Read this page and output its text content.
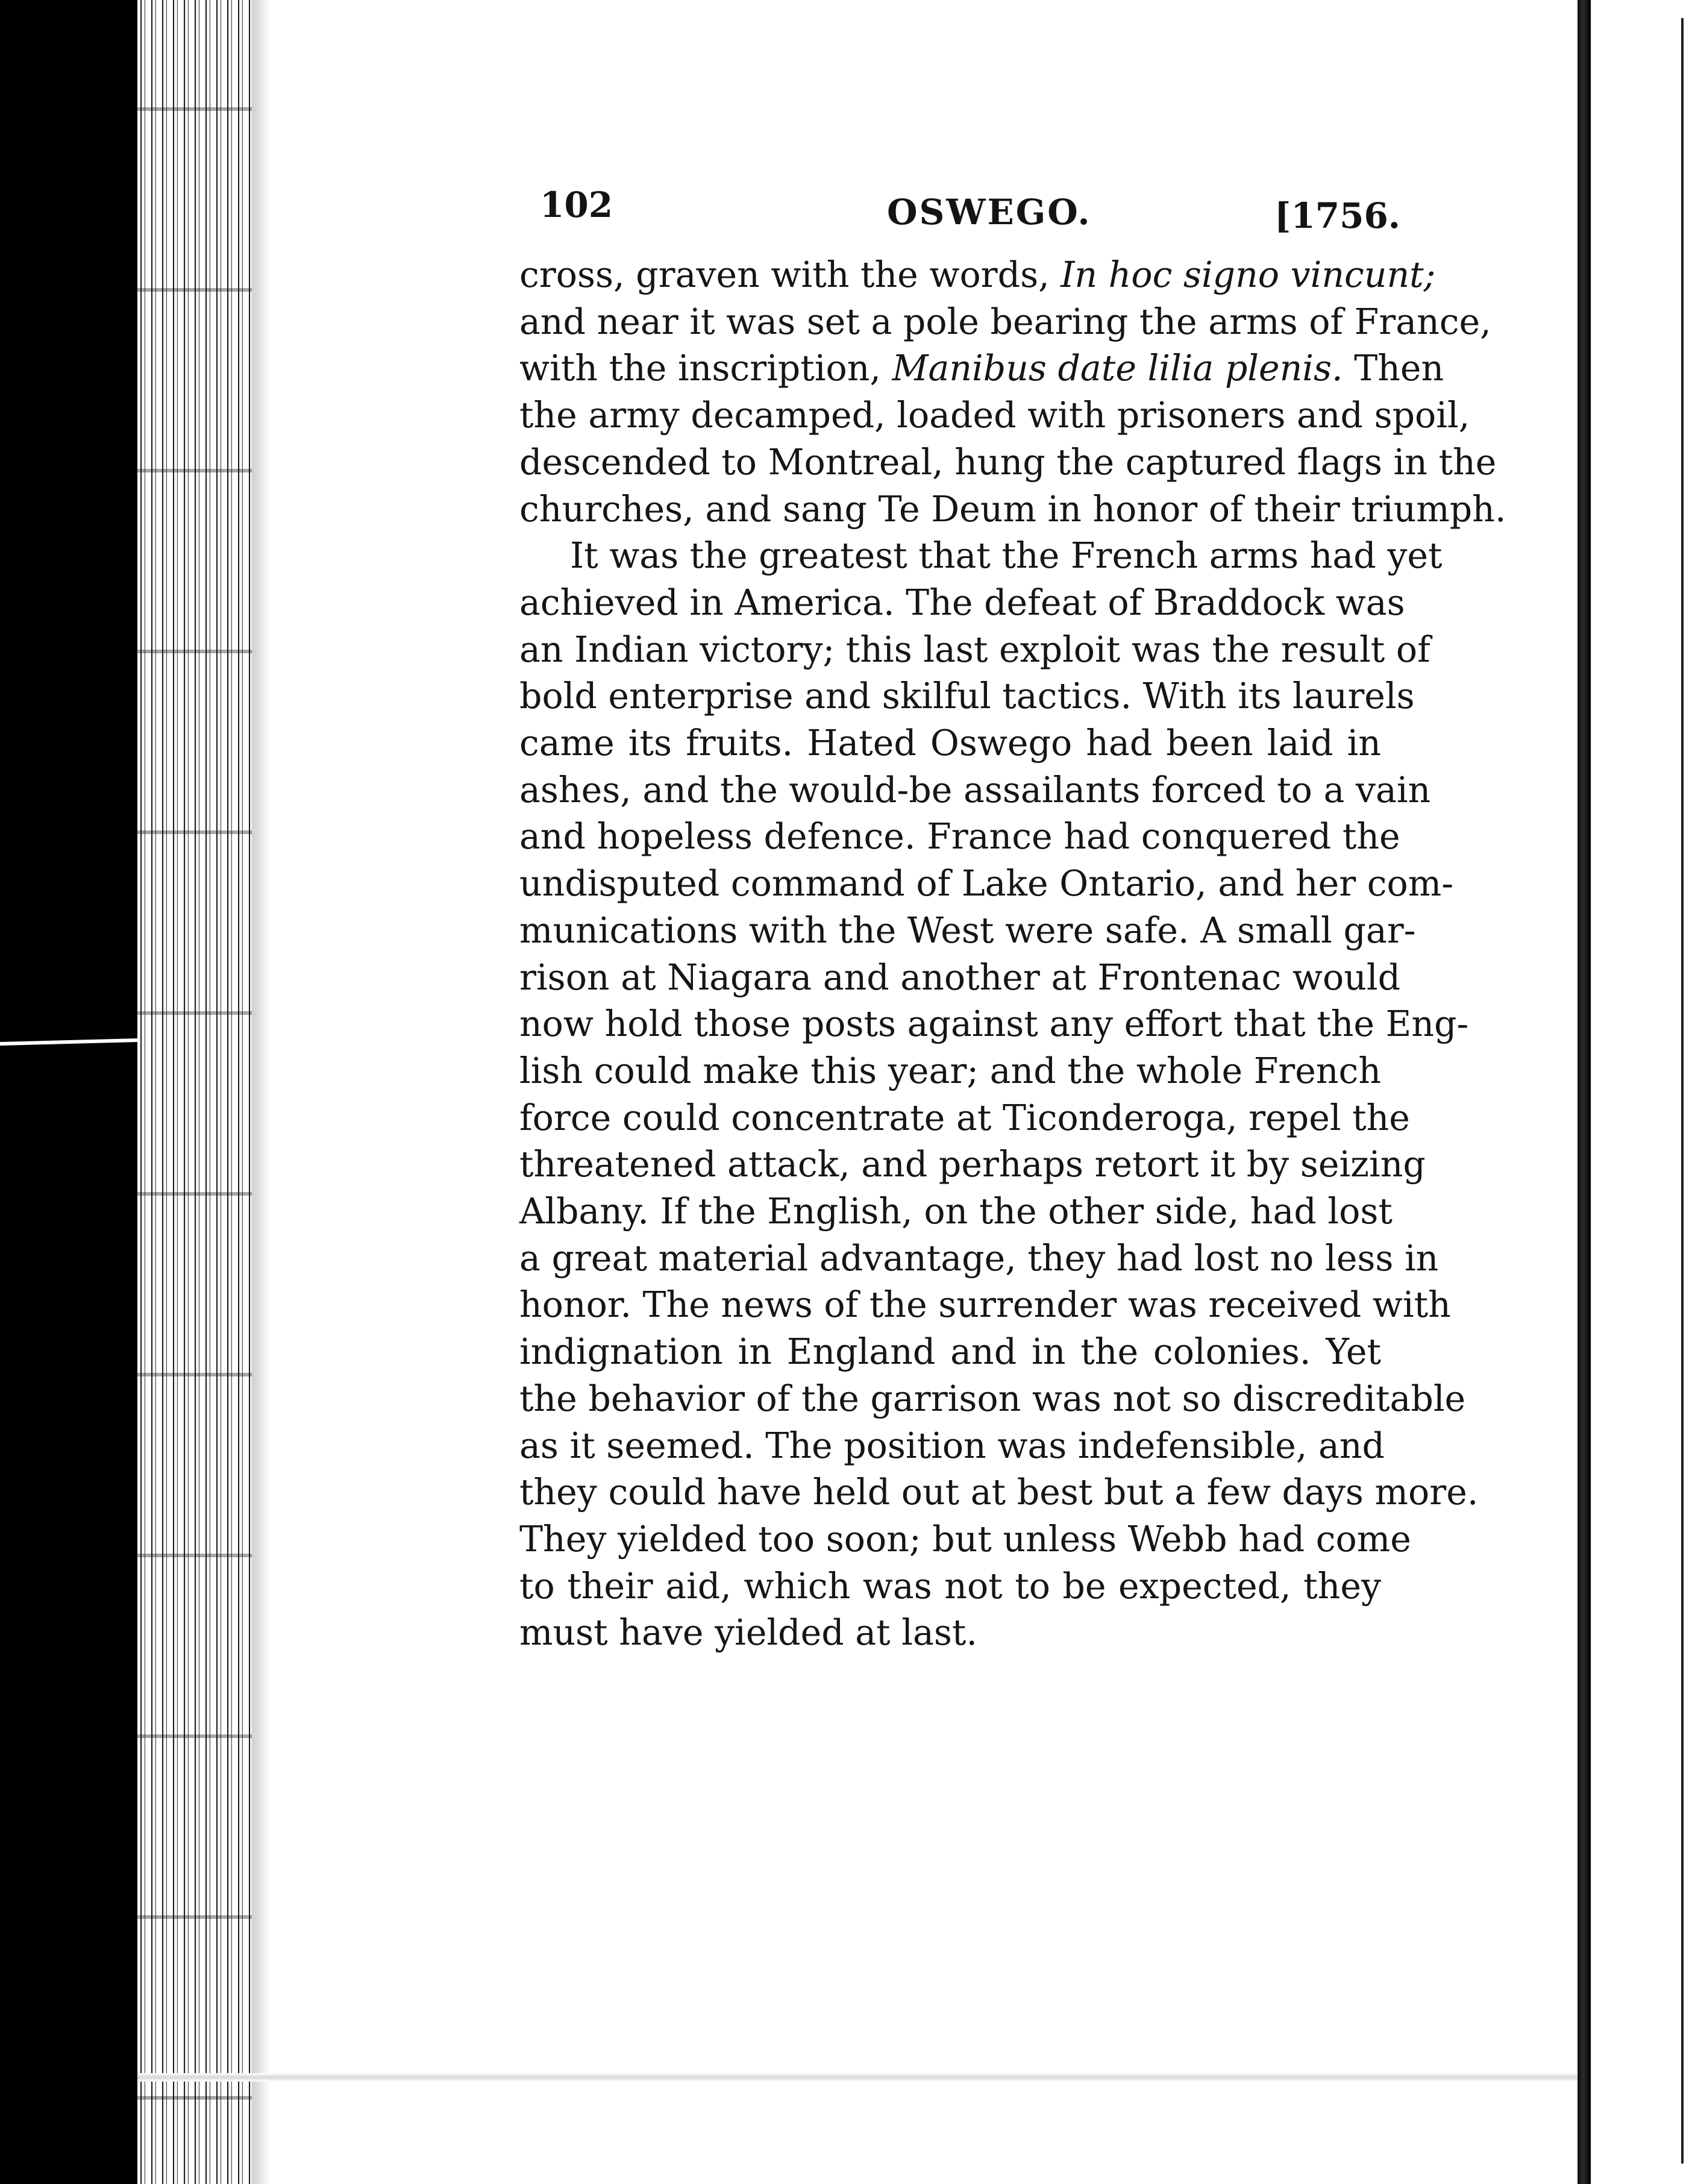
102	OSWEGO.	[1756.
cross, graven with the words, In hoc signo vincunt;
and near it was set a pole bearing the arms of France,
with the inscription, Manibus date lilia plenis. Then
the army decamped, loaded with prisoners and spoil,
descended to Montreal, hung the captured flags in the
churches, and sang Te Deum in honor of their triumph.
It was the greatest that the French arms had yet
achieved in America. The defeat of Braddock was
an Indian victory; this last exploit was the result of
bold enterprise and skilful tactics. With its laurels
came its fruits. Hated Oswego had been laid in
ashes, and the would-be assailants forced to a vain
and hopeless defence. France had conquered the
undisputed command of Lake Ontario, and her com-
munications with the West were safe. A small gar-
rison at Niagara and another at Frontenac would
now hold those posts against any effort that the Eng-
lish could make this year; and the whole French
force could concentrate at Ticonderoga, repel the
threatened attack, and perhaps retort it by seizing
Albany. If the English, on the other side, had lost
a great material advantage, they had lost no less in
honor. The news of the surrender was received with
indignation in England and in the colonies. Yet
the behavior of the garrison was not so discreditable
as it seemed. The position was indefensible, and
they could have held out at best but a few days more.
They yielded too soon; but unless Webb had come
to their aid, which was not to be expected, they
must have yielded at last.
